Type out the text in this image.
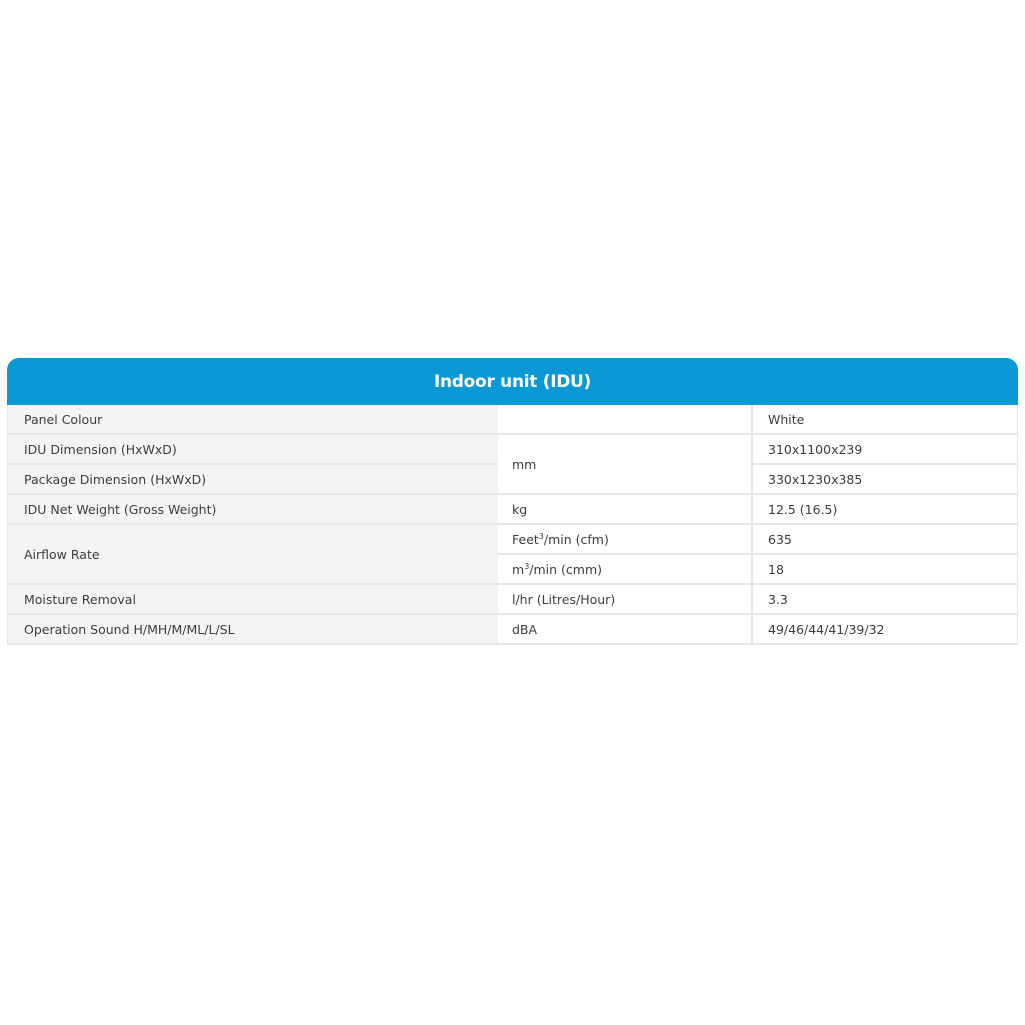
Indoor unit (IDU)
Panel Colour		White
IDU Dimension (HxWxD)	mm	310x1100x239
Package Dimension (HxWxD)		330x1230x385
IDU Net Weight (Gross Weight)	kg	12.5 (16.5)
Airflow Rate	Feet$^3$/min (cfm)	635
	$m^3/\min$ (cmm)	18
Moisture Removal	l/hr (Litres/Hour)	3.3
Operation Sound H/MH/M/ML/L/SL	dBA	49/46/44/41/39/32
